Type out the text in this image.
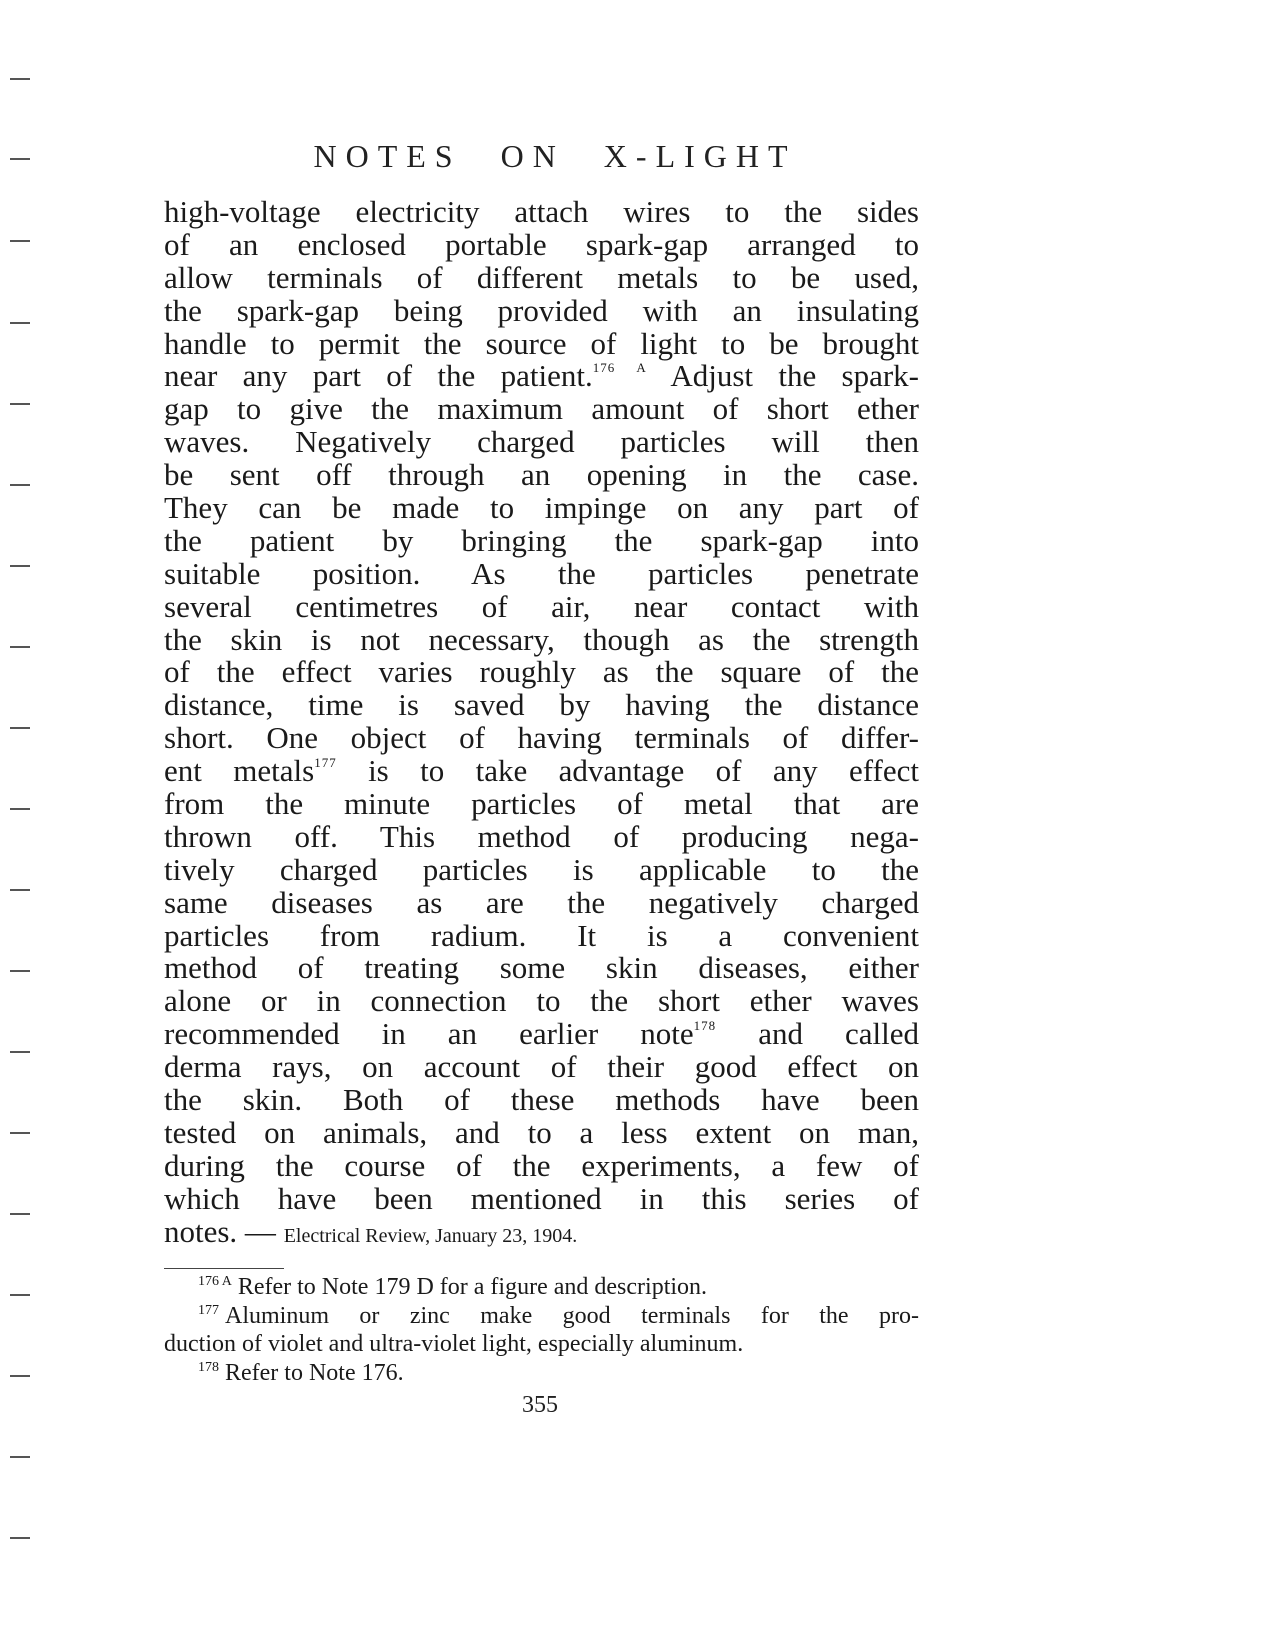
NOTES ON X-LIGHT
high-voltage electricity attach wires to the sides
of an enclosed portable spark-gap arranged to
allow terminals of different metals to be used,
the spark-gap being provided with an insulating
handle to permit the source of light to be brought
near any part of the patient.$^{176 A}$ Adjust the spark-
gap to give the maximum amount of short ether
waves. Negatively charged particles will then
be sent off through an opening in the case.
They can be made to impinge on any part of
the patient by bringing the spark-gap into
suitable position. As the particles penetrate
several centimetres of air, near contact with
the skin is not necessary, though as the strength
of the effect varies roughly as the square of the
distance, time is saved by having the distance
short. One object of having terminals of differ-
ent metals$^{177}$ is to take advantage of any effect
from the minute particles of metal that are
thrown off. This method of producing nega-
tively charged particles is applicable to the
same diseases as are the negatively charged
particles from radium. It is a convenient
method of treating some skin diseases, either
alone or in connection to the short ether waves
recommended in an earlier note$^{178}$ and called
derma rays, on account of their good effect on
the skin. Both of these methods have been
tested on animals, and to a less extent on man,
during the course of the experiments, a few of
which have been mentioned in this series of
notes. — Electrical Review, January 23, 1904.
$^{176 A}$ Refer to Note 179 D for a figure and description.
$^{177}$ Aluminum or zinc make good terminals for the pro-
duction of violet and ultra-violet light, especially aluminum.
$^{178}$ Refer to Note 176.
355
